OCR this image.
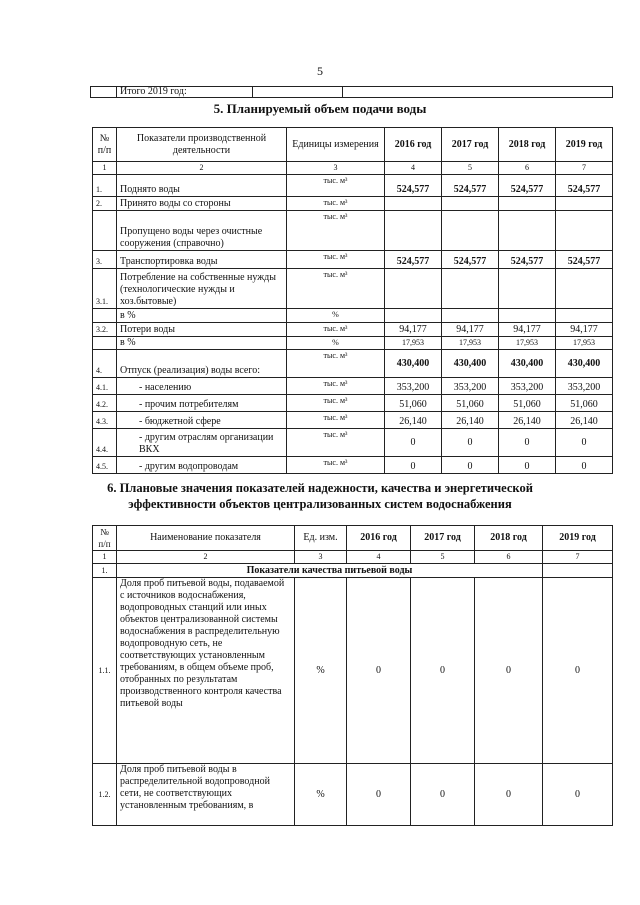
5
	Итого 2019 год:		
5. Планируемый объем подачи воды
№ п/п	Показатели производственной деятельности	Единицы измерения	2016 год	2017 год	2018 год	2019 год
1	2	3	4	5	6	7
1.	Поднято воды	тыс. м³	524,577	524,577	524,577	524,577
2.	Принято воды со стороны	тыс. м³				
	Пропущено воды через очистные сооружения (справочно)	тыс. м³				
3.	Транспортировка воды	тыс. м³	524,577	524,577	524,577	524,577
3.1.	Потребление на собственные нужды (технологические нужды и хоз.бытовые)	тыс. м³				
	в %	%				
3.2.	Потери воды	тыс. м³	94,177	94,177	94,177	94,177
	в %	%	17,953	17,953	17,953	17,953
4.	Отпуск (реализация) воды всего:	тыс. м³	430,400	430,400	430,400	430,400
4.1.	- населению	тыс. м³	353,200	353,200	353,200	353,200
4.2.	- прочим потребителям	тыс. м³	51,060	51,060	51,060	51,060
4.3.	- бюджетной сфере	тыс. м³	26,140	26,140	26,140	26,140
4.4.	- другим отраслям организации ВКХ	тыс. м³	0	0	0	0
4.5.	- другим водопроводам	тыс. м³	0	0	0	0
6. Плановые значения показателей надежности, качества и энергетической
эффективности объектов централизованных систем водоснабжения
№ п/п	Наименование показателя	Ед. изм.	2016 год	2017 год	2018 год	2019 год
1	2	3	4	5	6	7
1.	Показатели качества питьевой воды					
1.1.	Доля проб питьевой воды, подаваемой с источников водоснабжения, водопроводных станций или иных объектов централизованной системы водоснабжения в распределительную водопроводную сеть, не соответствующих установленным требованиям, в общем объеме проб, отобранных по результатам производственного контроля качества питьевой воды	%	0	0	0	0
1.2.	Доля проб питьевой воды в распределительной водопроводной сети, не соответствующих установленным требованиям, в	%	0	0	0	0
